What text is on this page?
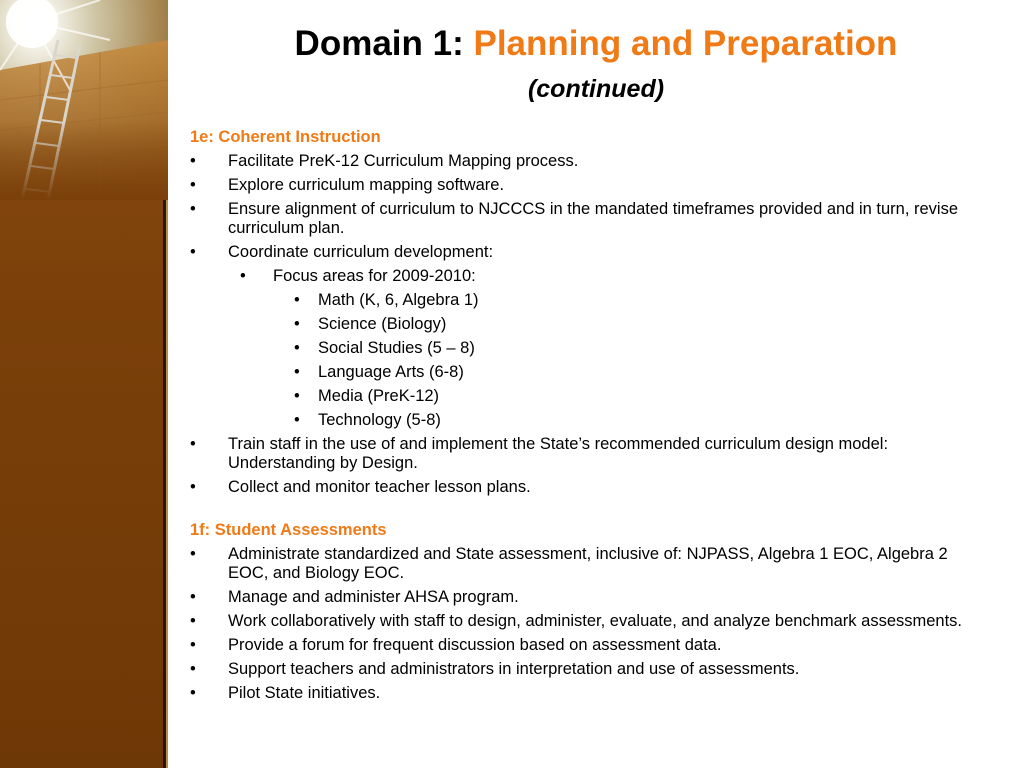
Domain 1: Planning and Preparation
(continued)
1e: Coherent Instruction
• Facilitate PreK-12 Curriculum Mapping process.
• Explore curriculum mapping software.
• Ensure alignment of curriculum to NJCCCS in the mandated timeframes provided and in turn, revise curriculum plan.
• Coordinate curriculum development:
• Focus areas for 2009-2010:
• Math (K, 6, Algebra 1)
• Science (Biology)
• Social Studies (5 – 8)
• Language Arts (6-8)
• Media (PreK-12)
• Technology (5-8)
• Train staff in the use of and implement the State’s recommended curriculum design model: Understanding by Design.
• Collect and monitor teacher lesson plans.
1f: Student Assessments
• Administrate standardized and State assessment, inclusive of: NJPASS, Algebra 1 EOC, Algebra 2 EOC, and Biology EOC.
• Manage and administer AHSA program.
• Work collaboratively with staff to design, administer, evaluate, and analyze benchmark assessments.
• Provide a forum for frequent discussion based on assessment data.
• Support teachers and administrators in interpretation and use of assessments.
• Pilot State initiatives.
